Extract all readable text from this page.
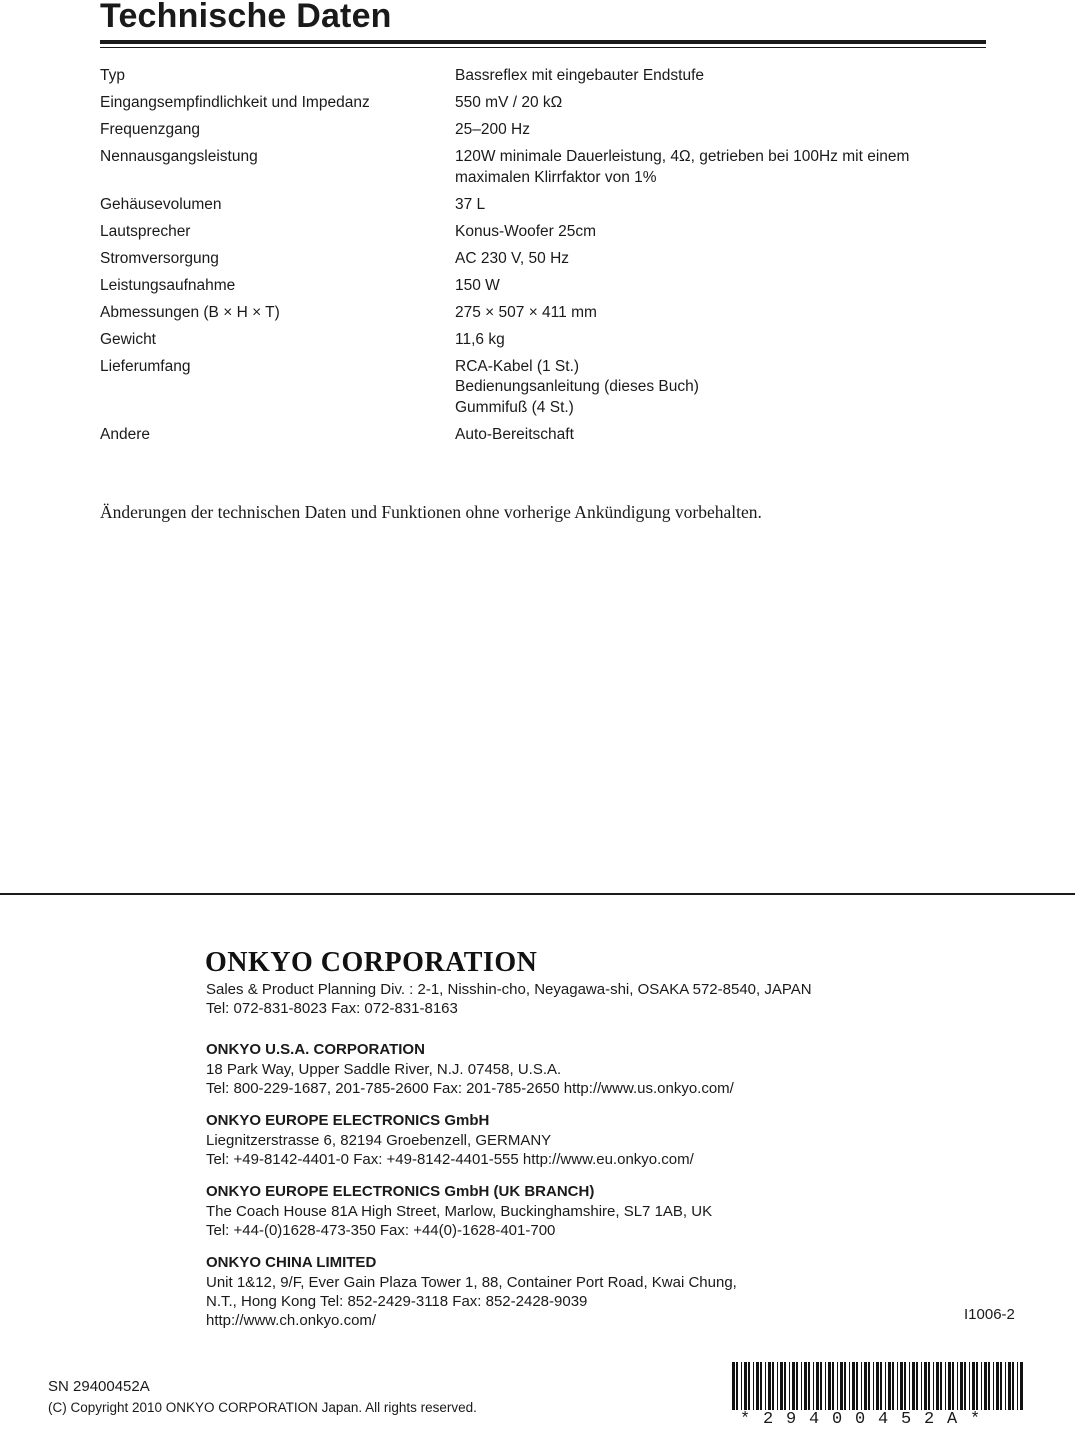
Technische Daten
Typ	Bassreflex mit eingebauter Endstufe
Eingangsempfindlichkeit und Impedanz	550 mV / 20 kΩ
Frequenzgang	25–200 Hz
Nennausgangsleistung	120W minimale Dauerleistung, 4Ω, getrieben bei 100Hz mit einem
maximalen Klirrfaktor von 1%
Gehäusevolumen	37 L
Lautsprecher	Konus-Woofer 25cm
Stromversorgung	AC 230 V, 50 Hz
Leistungsaufnahme	150 W
Abmessungen (B × H × T)	275 × 507 × 411 mm
Gewicht	11,6 kg
Lieferumfang	RCA-Kabel (1 St.)
Bedienungsanleitung (dieses Buch)
Gummifuß (4 St.)
Andere	Auto-Bereitschaft

Änderungen der technischen Daten und Funktionen ohne vorherige Ankündigung vorbehalten.

ONKYO CORPORATION

Sales & Product Planning Div. : 2-1, Nisshin-cho, Neyagawa-shi, OSAKA 572-8540, JAPAN

Tel: 072-831-8023 Fax: 072-831-8163

ONKYO U.S.A. CORPORATION

18 Park Way, Upper Saddle River, N.J. 07458, U.S.A.

Tel: 800-229-1687, 201-785-2600 Fax: 201-785-2650 http://www.us.onkyo.com/

ONKYO EUROPE ELECTRONICS GmbH

Liegnitzerstrasse 6, 82194 Groebenzell, GERMANY

Tel: +49-8142-4401-0 Fax: +49-8142-4401-555 http://www.eu.onkyo.com/

ONKYO EUROPE ELECTRONICS GmbH (UK BRANCH)

The Coach House 81A High Street, Marlow, Buckinghamshire, SL7 1AB, UK

Tel: +44-(0)1628-473-350 Fax: +44(0)-1628-401-700

ONKYO CHINA LIMITED

Unit 1&12, 9/F, Ever Gain Plaza Tower 1, 88, Container Port Road, Kwai Chung,

N.T., Hong Kong Tel: 852-2429-3118 Fax: 852-2428-9039

http://www.ch.onkyo.com/	I1006-2

SN 29400452A

(C) Copyright 2010 ONKYO CORPORATION Japan. All rights reserved.

*29400452A*
